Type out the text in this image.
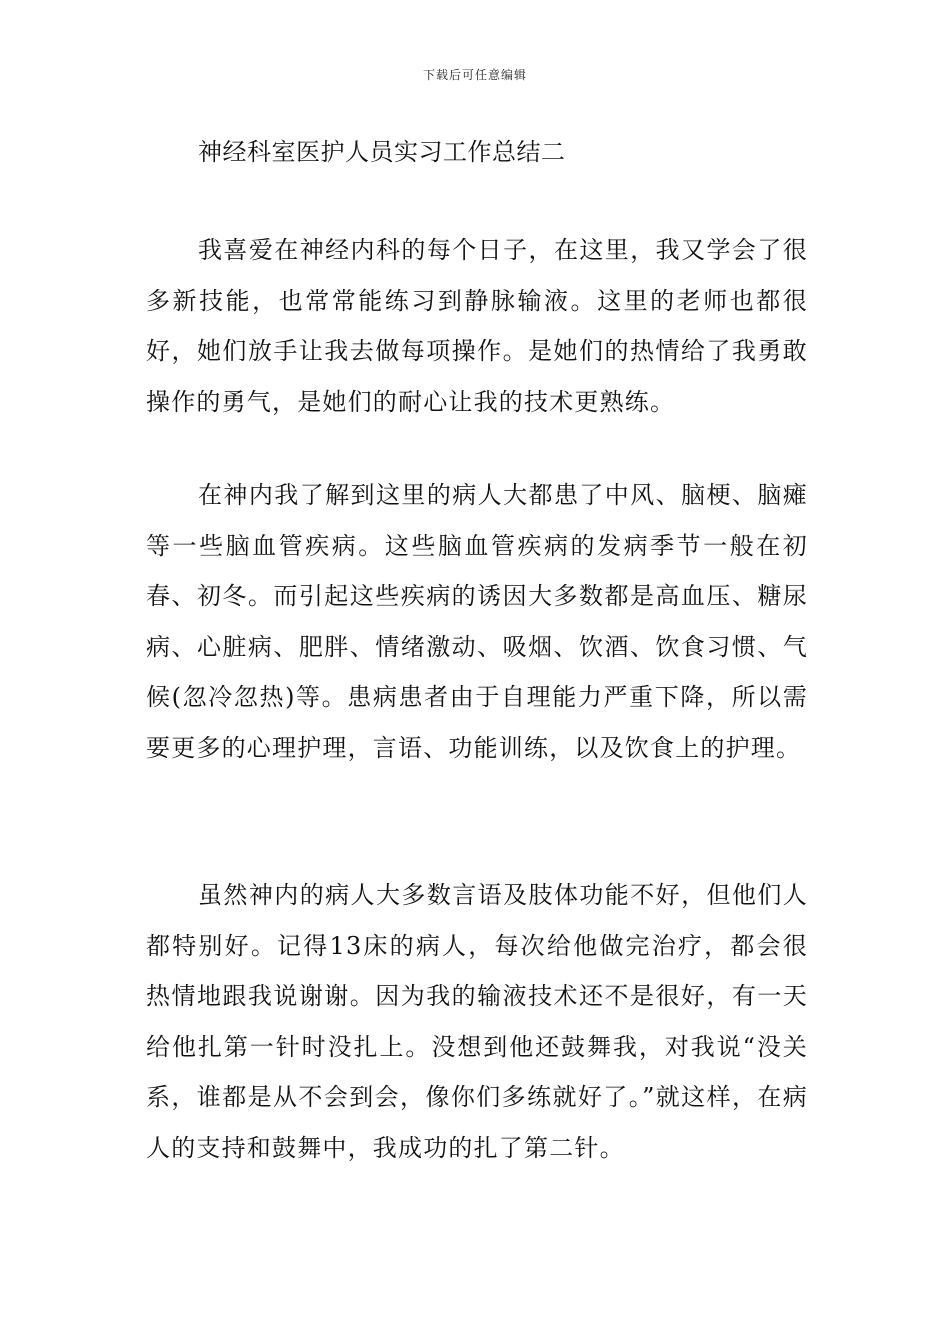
下载后可任意编辑
神经科室医护人员实习工作总结二

我喜爱在神经内科的每个日子，在这里，我又学会了很多新技能，也常常能练习到静脉输液。这里的老师也都很好，她们放手让我去做每项操作。是她们的热情给了我勇敢操作的勇气，是她们的耐心让我的技术更熟练。

在神内我了解到这里的病人大都患了中风、脑梗、脑瘫等一些脑血管疾病。这些脑血管疾病的发病季节一般在初春、初冬。而引起这些疾病的诱因大多数都是高血压、糖尿病、心脏病、肥胖、情绪激动、吸烟、饮酒、饮食习惯、气候(忽冷忽热)等。患病患者由于自理能力严重下降，所以需要更多的心理护理，言语、功能训练，以及饮食上的护理。

虽然神内的病人大多数言语及肢体功能不好，但他们人都特别好。记得13床的病人，每次给他做完治疗，都会很热情地跟我说谢谢。因为我的输液技术还不是很好，有一天给他扎第一针时没扎上。没想到他还鼓舞我，对我说“没关系，谁都是从不会到会，像你们多练就好了。”就这样，在病人的支持和鼓舞中，我成功的扎了第二针。
